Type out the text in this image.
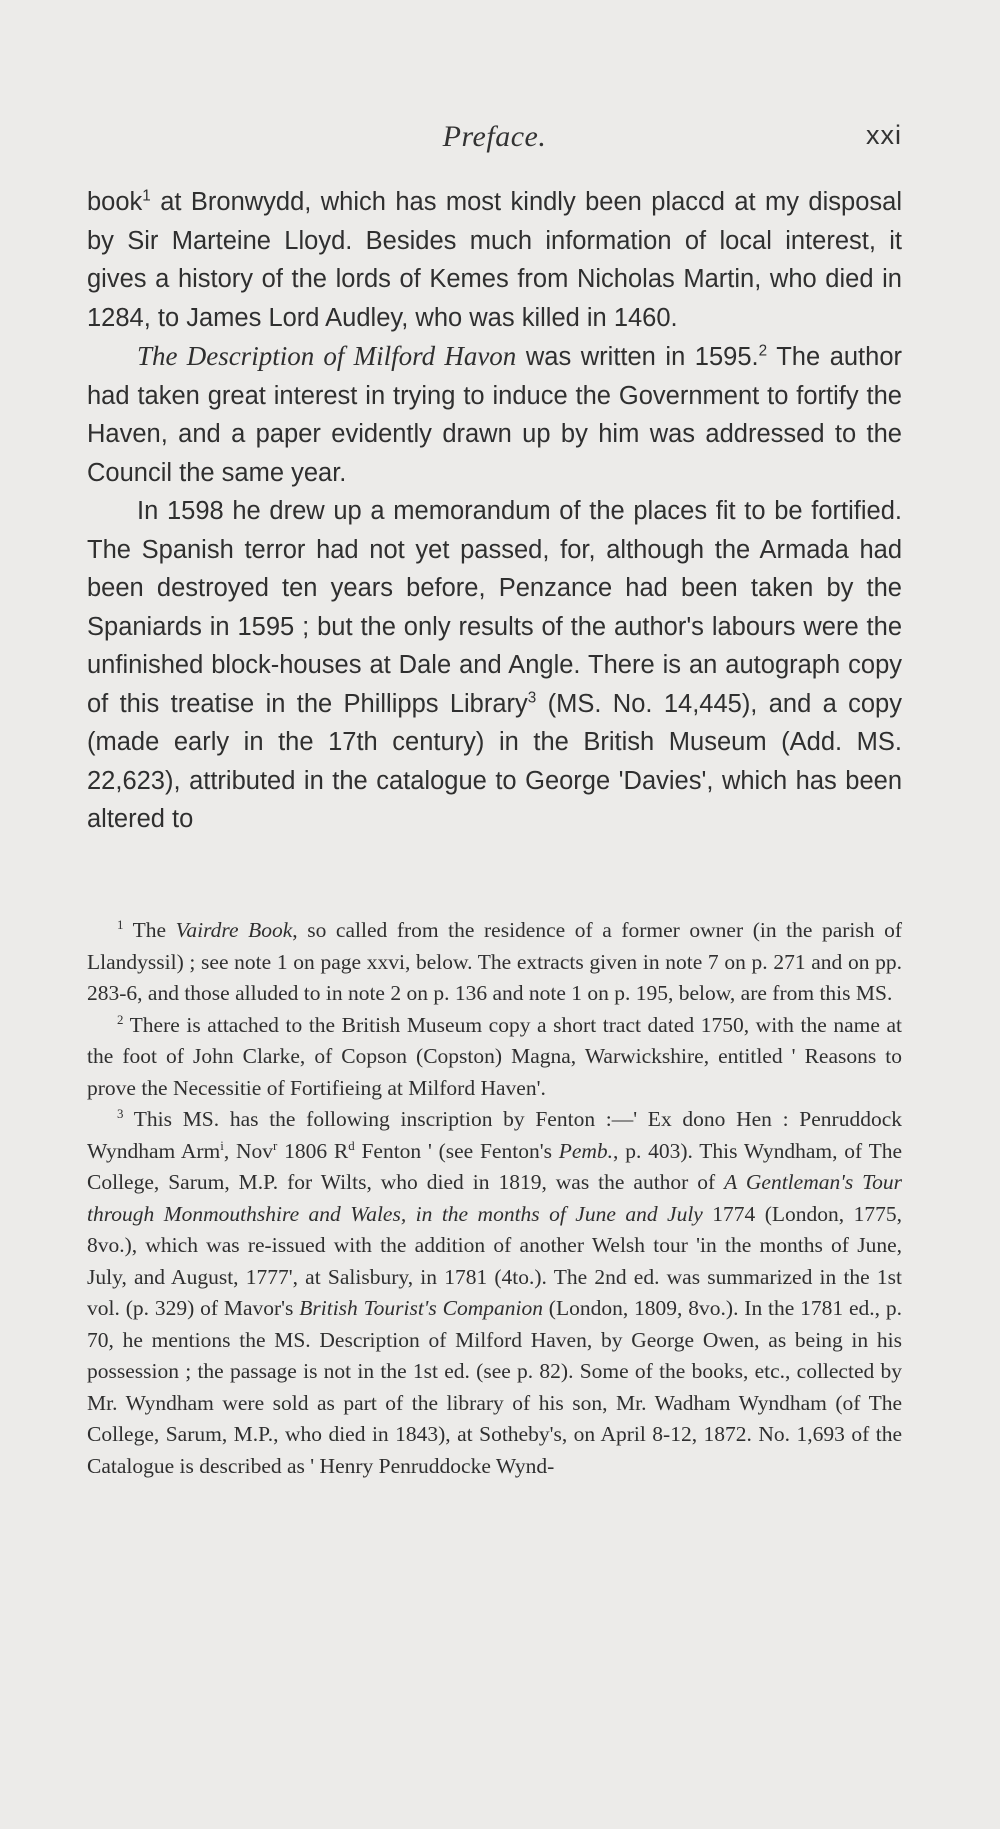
Preface.	xxi

book$^1$ at Bronwydd, which has most kindly been placcd at my disposal by Sir Marteine Lloyd. Besides much information of local interest, it gives a history of the lords of Kemes from Nicholas Martin, who died in 1284, to James Lord Audley, who was killed in 1460.

The Description of Milford Havon was written in 1595.$^2$ The author had taken great interest in trying to induce the Government to fortify the Haven, and a paper evidently drawn up by him was addressed to the Council the same year.

In 1598 he drew up a memorandum of the places fit to be fortified. The Spanish terror had not yet passed, for, although the Armada had been destroyed ten years before, Penzance had been taken by the Spaniards in 1595 ; but the only results of the author's labours were the unfinished block-houses at Dale and Angle. There is an autograph copy of this treatise in the Phillipps Library$^3$ (MS. No. 14,445), and a copy (made early in the 17th century) in the British Museum (Add. MS. 22,623), attributed in the catalogue to George 'Davies', which has been altered to

$^1$ The Vairdre Book, so called from the residence of a former owner (in the parish of Llandyssil) ; see note 1 on page xxvi, below. The extracts given in note 7 on p. 271 and on pp. 283-6, and those alluded to in note 2 on p. 136 and note 1 on p. 195, below, are from this MS.

$^2$ There is attached to the British Museum copy a short tract dated 1750, with the name at the foot of John Clarke, of Copson (Copston) Magna, Warwickshire, entitled ' Reasons to prove the Necessitie of Fortifieing at Milford Haven'.

$^3$ This MS. has the following inscription by Fenton :—' Ex dono Hen : Penruddock Wyndham Arm$^i$, Nov$^r$ 1806 $R^d$ Fenton ' (see Fenton's Pemb., p. 403). This Wyndham, of The College, Sarum, M.P. for Wilts, who died in 1819, was the author of A Gentleman's Tour through Monmouthshire and Wales, in the months of June and July 1774 (London, 1775, 8vo.), which was re-issued with the addition of another Welsh tour 'in the months of June, July, and August, 1777', at Salisbury, in 1781 (4to.). The 2nd ed. was summarized in the 1st vol. (p. 329) of Mavor's British Tourist's Companion (London, 1809, 8vo.). In the 1781 ed., p. 70, he mentions the MS. Description of Milford Haven, by George Owen, as being in his possession ; the passage is not in the 1st ed. (see p. 82). Some of the books, etc., collected by Mr. Wyndham were sold as part of the library of his son, Mr. Wadham Wyndham (of The College, Sarum, M.P., who died in 1843), at Sotheby's, on April 8-12, 1872. No. 1,693 of the Catalogue is described as ' Henry Penruddocke Wynd-
